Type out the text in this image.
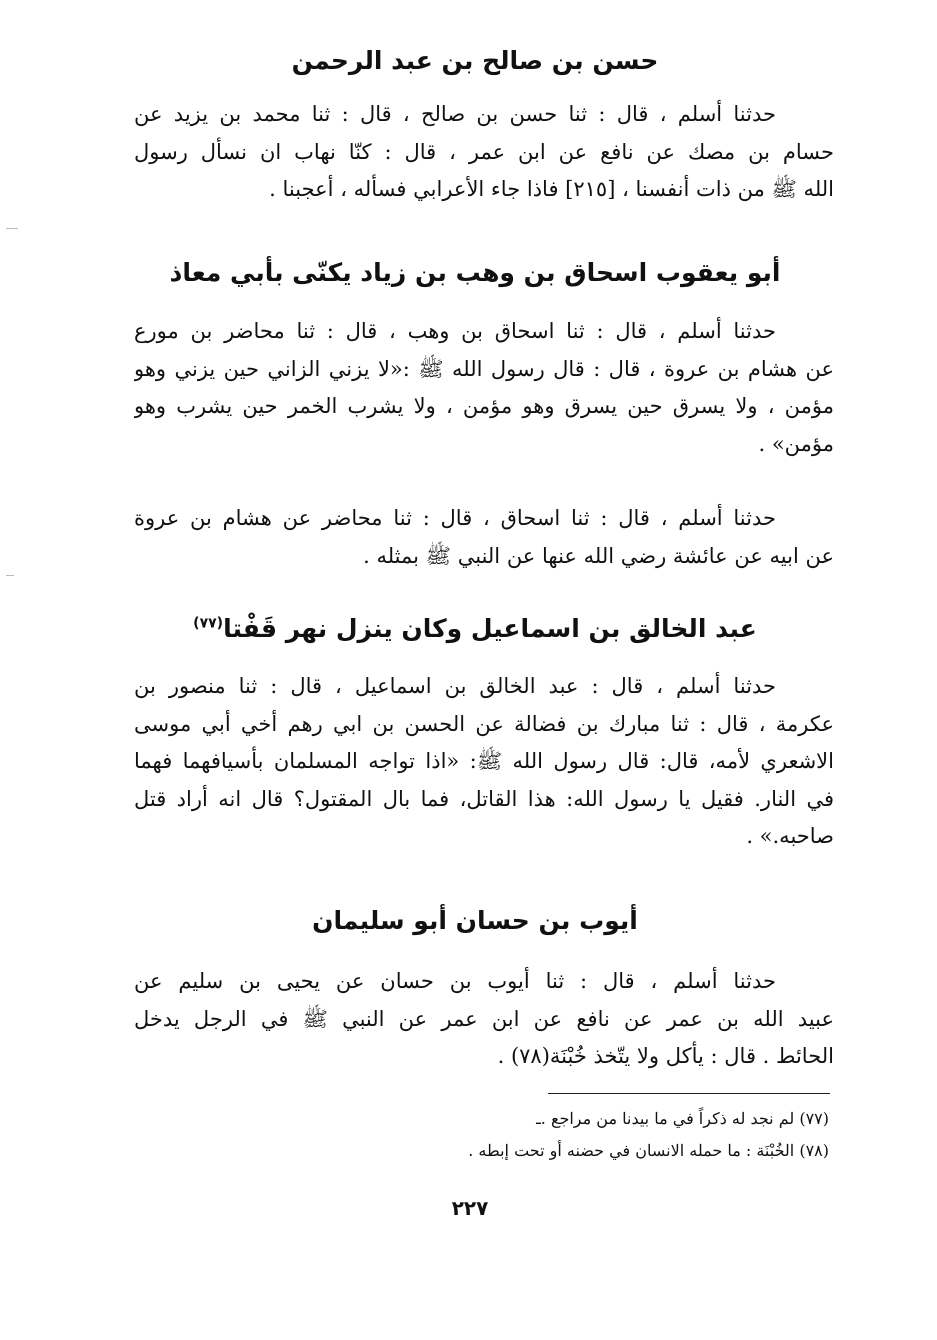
حسن بن صالح بن عبد الرحمن
حدثنا أسلم ، قال : ثنا حسن بن صالح ، قال : ثنا محمد بن يزيد عن
حسام بن مصك عن نافع عن ابن عمر ، قال : كنّا نهاب ان نسأل رسول
الله ﷺ من ذات أنفسنا ، [٢١٥] فاذا جاء الأعرابي فسأله ، أعجبنا .
أبو يعقوب اسحاق بن وهب بن زياد يكنّى بأبي معاذ
حدثنا أسلم ، قال : ثنا اسحاق بن وهب ، قال : ثنا محاضر بن مورع
عن هشام بن عروة ، قال : قال رسول الله ﷺ :«لا يزني الزاني حين يزني وهو
مؤمن ، ولا يسرق حين يسرق وهو مؤمن ، ولا يشرب الخمر حين يشرب وهو
مؤمن» .
حدثنا أسلم ، قال : ثنا اسحاق ، قال : ثنا محاضر عن هشام بن عروة
عن ابيه عن عائشة رضي الله عنها عن النبي ﷺ بمثله .
عبد الخالق بن اسماعيل وكان ينزل نهر قَفْتا$^{(٧٧)}$
حدثنا أسلم ، قال : عبد الخالق بن اسماعيل ، قال : ثنا منصور بن
عكرمة ، قال : ثنا مبارك بن فضالة عن الحسن بن ابي رهم أخي أبي موسى
الاشعري لأمه، قال: قال رسول الله ﷺ: «اذا تواجه المسلمان بأسيافهما فهما
في النار. فقيل يا رسول الله: هذا القاتل، فما بال المقتول؟ قال انه أراد قتل
صاحبه.» .
أيوب بن حسان أبو سليمان
حدثنا أسلم ، قال : ثنا أيوب بن حسان عن يحيى بن سليم عن
عبيد الله بن عمر عن نافع عن ابن عمر عن النبي ﷺ في الرجل يدخل
الحائط . قال : يأكل ولا يتّخذ خُبْنَة(٧٨) .
(٧٧) لم نجد له ذكراً في ما بيدنا من مراجع .ـ
(٧٨) الخُبْنَة : ما حمله الانسان في حضنه أو تحت إبطه .
٢٢٧
